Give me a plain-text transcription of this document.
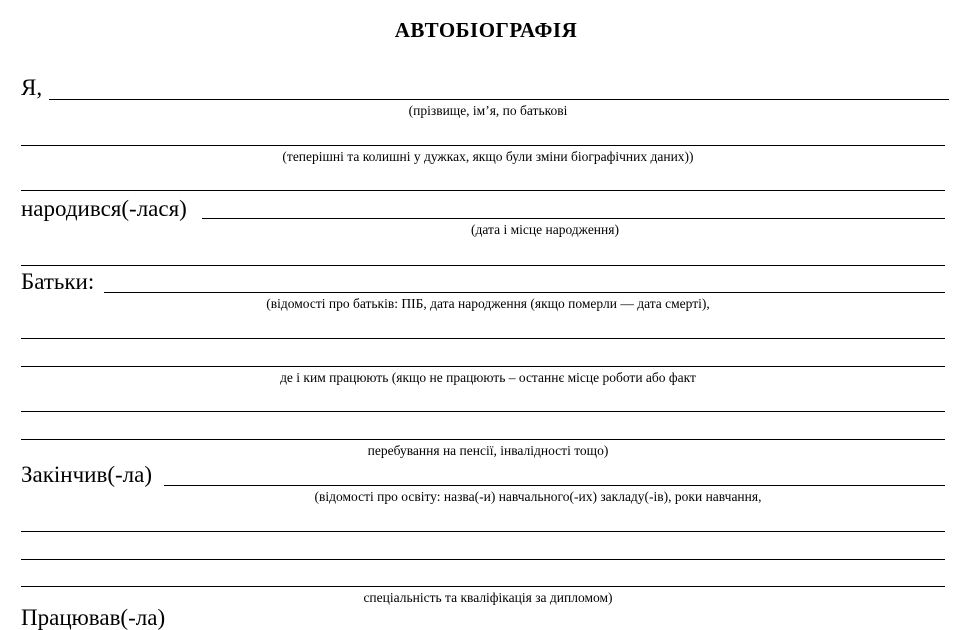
АВТОБІОГРАФІЯ
Я,
(прізвище, ім’я, по батькові
(теперішні та колишні у дужках, якщо були зміни біографічних даних))
народився(-лася)
(дата і місце народження)
Батьки:
(відомості про батьків: ПІБ, дата народження (якщо померли — дата смерті),
де і ким працюють (якщо не працюють – останнє місце роботи або факт
перебування на пенсії, інвалідності тощо)
Закінчив(-ла)
(відомості про освіту: назва(-и) навчального(-их) закладу(-ів), роки навчання,
спеціальність та кваліфікація за дипломом)
Працював(-ла)
